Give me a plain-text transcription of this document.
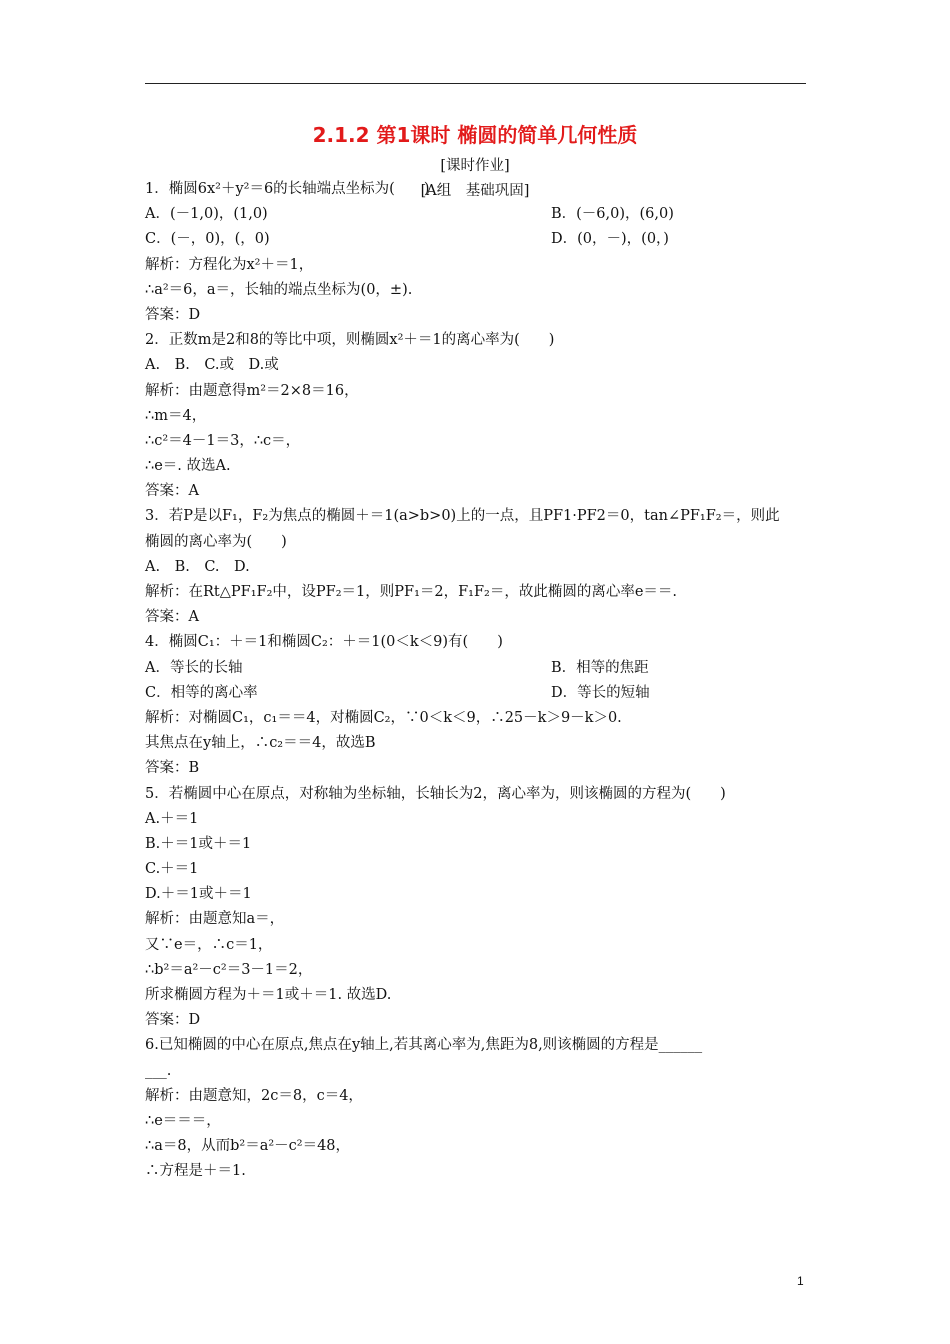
2.1.2 第1课时 椭圆的简单几何性质
[课时作业]
[A组　基础巩固]
1．椭圆6x²＋y²＝6的长轴端点坐标为(　　)
A．(－1,0)，(1,0)	B．(－6,0)，(6,0)
C．(－，0)，(，0)	D．(0，－)，(0，)
解析：方程化为x²＋＝1，
∴a²＝6，a＝，长轴的端点坐标为(0，±).
答案：D
2．正数m是2和8的等比中项，则椭圆x²＋＝1的离心率为(　　)
A.　B.　C.或　D.或
解析：由题意得m²＝2×8＝16，
∴m＝4，
∴c²＝4－1＝3，∴c＝，
∴e＝. 故选A.
答案：A
3．若P是以F₁，F₂为焦点的椭圆＋＝1(a>b>0)上的一点，且PF1·PF2＝0，tan∠PF₁F₂＝，则此
椭圆的离心率为(　　)
A.　B.　C.　D.
解析：在Rt△PF₁F₂中，设PF₂＝1，则PF₁＝2，F₁F₂＝，故此椭圆的离心率e＝＝.
答案：A
4．椭圆C₁：＋＝1和椭圆C₂：＋＝1(0＜k＜9)有(　　)
A．等长的长轴	B．相等的焦距
C．相等的离心率	D．等长的短轴
解析：对椭圆C₁，c₁＝＝4，对椭圆C₂，∵0＜k＜9，∴25－k＞9－k＞0.
其焦点在y轴上，∴c₂＝＝4，故选B
答案：B
5．若椭圆中心在原点，对称轴为坐标轴，长轴长为2，离心率为，则该椭圆的方程为(　　)
A.＋＝1
B.＋＝1或＋＝1
C.＋＝1
D.＋＝1或＋＝1
解析：由题意知a＝，
又∵e＝，∴c＝1，
∴b²＝a²－c²＝3－1＝2，
所求椭圆方程为＋＝1或＋＝1. 故选D.
答案：D
6.已知椭圆的中心在原点,焦点在y轴上,若其离心率为,焦距为8,则该椭圆的方程是______
___.
解析：由题意知，2c＝8，c＝4，
∴e＝＝＝，
∴a＝8，从而b²＝a²－c²＝48，
∴方程是＋＝1.
1
